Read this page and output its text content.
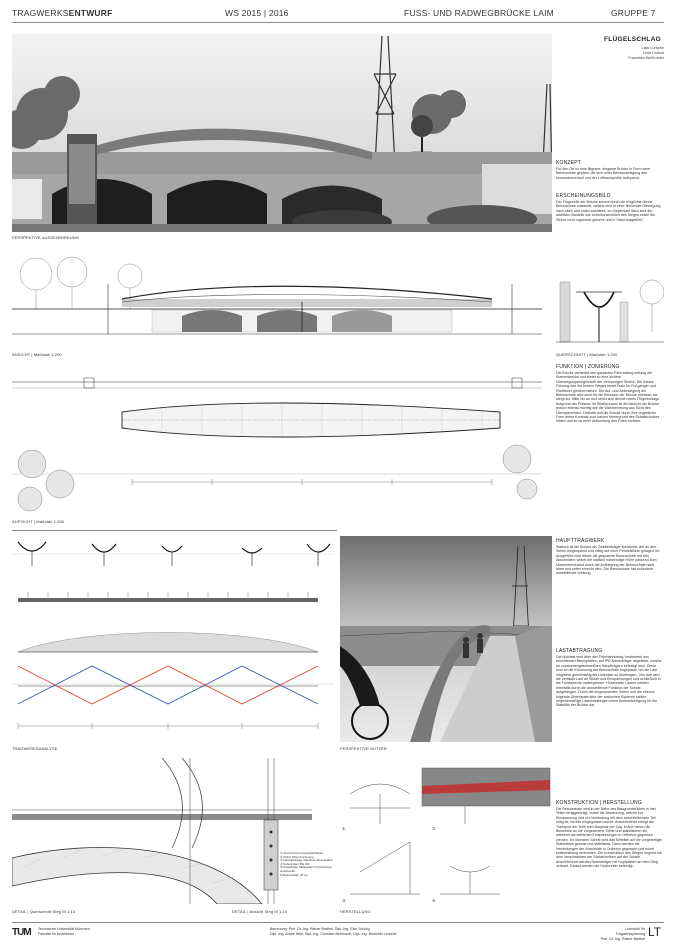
TRAGWERKSENTWURF	WS 2015 | 2016	FUSS- UND RADWEGBRÜCKE LAIM	GRUPPE 7
PERSPEKTIVE AUSSENWIRKUNG
FLÜGELSCHLAG
Lilian Lesprie
Leila Unland
Franziska Weißmeier
KONZEPT
Für den Ort ist eine filigrane, elegante Brücke in Form einer Betonschale geplant, die sich unter Berücksichtigung des Momentenverlauf und der Luftraumprofile aufspannt.
ERSCHEINUNGSBILD
Der Flügelrolle der Brücke kommt durch die möglichst dünne Betonschale zustande, welche sich in einer fließenden Bewegung nach oben und unten ausdehnt. Im Gegensatz dazu sind die additiven Bauteile wie Unterkonstruktion des Steges sowie die Stütze nicht organisch geformt und in Stahl ausgeführt.
ANSICHT | Maßstab 1:200	QUERSCHNITT | Maßstab 1:200
FUNKTION | ZONIERUNG
Die Brücke verbindet den geplanten Fahrradweg entlang der Stammstrecke und bietet so eine sichere Überwegungsmöglichkeit der vierspurigen Straße. Die lineare Führung des 3m breiten Weges bietet Platz für Fußgänger und Radfahrer gleichermaßen. Die Auf- und Abbewegung der Betonschale wird auch für die Benutzer der Brücke erlebbar, sie steigt zur Mitte hin an und senkt sich ähnlich eines Flügelschlags. Aufgrund der Präsenz im Straßenraum ist die Ansicht der Brücke jedoch ebenso wichtig wie die Wahrnehmung aus Sicht des Überquerenden. Deshalb soll die Brücke durch ihre organische Form einen Kontrast zum kahlen Hintergrund des Schallschutzes bilden und so zu einer Aufwertung des Ortes erzielen.
AUFSICHT | Maßstab 1:200
TRAGWERKSANALYSE	PERSPEKTIVE NUTZER
HAUPTTRAGWERK
Statisch ist die Brücke als Zweifeldträger konzipiert, der an den Seiten eingespannt und mittig auf einer Pendelstütze gelagert ist. Ausgeführt wird dieser als gespannte Betonschale mit drei Abschnitten, wobei die statisch notwendige Höhe passend zum Momentenverlauf durch die Aufbiegung der Betonschale nach oben und unten erreicht wird. Die Betonschale hat außerdem aussteifende Wirkung.
LASTABTRAGUNG
Die Nutzlast wird über den Fahrbahnbelag, bestehend aus rutschfesten Betonplatten, auf IPE-Nebenträger abgeleitet, welche an zusammengeschweißten Hauptträgern befestigt sind. Diese sind an die Krümmung der Betonschale angepasst, um die Last möglichst gleichmäßig als Linienlast zu übertragen. Von dort wird die vertikale Last an Stütze und Einspannungen und schließlich in die Fundamente weitergeleitet. Horizontale Lasten werden ebenfalls durch die aussteifende Funktion der Schale aufgefangen. Durch die eingespannten Seiten und die ebenso folgende Überbaustruktur der statischen Systeme stellen ungleichmäßige Lasteinleitungen keine Beeinträchtigung für die Stabilität der Brücke dar.
① Absturzsicherung Edelstahlseile
② Stütze Absturzsicherung
③ Fahrbahnbelag rutschfeste Betonplatten
④ Nebenträger IPE 200
⑤ Hauptträger Stahlplatten mit Flanschen verschweißt
⑥ Betonschale, 25 cm
DETAIL | Querschnitt Steg M 1:10	DETAIL | Ansicht Steg M 1:10
①	②
③	④
HERSTELLUNG
KONSTRUKTION | HERSTELLUNG
Die Betonschale wird in der Nähe des Baugrundstückes in drei Teilen fertiggefertigt, wobei die Bewehrung, welche zur Einspannung und zur Verbindung mit dem anschließenden Teil nötig ist, bereits eingegossen wurde. Anschließend erfolgt der Transport der Teile zum Bauplatz per Zug. Kräne heben die Betonteile an die vorgesehene Stelle und stabilisieren sie, während die seitlichen Einspannungen in Ortbeton gegossen werden. Im nächsten Schritt wird das Mittelteil auf die vorgefertigte Stahlstütze gesetzt und stabilisiert. Dann werden die Verbindungen der Abschnitte in Ortbeton gegossen und somit kraftschlüssig verbunden. Die Konstruktion des Steges beginnt mit dem Verschrauben der Stahlscheiben auf der Schale. Anschließend werden Nebenträger mit Kopfplatten an dem Steg verbaut. Darauf werden die Holzbretter befestigt.
TUM Technische Universität München
Fakultät für Architektur
Betreuung: Prof. Dr.-Ing. Rainer Barthel, Dipl.-Ing. Elke Schörg
Dipl.-Ing. André Hitle, Dipl.-Ing. Christian Bernhardt, Dipl.-Ing. Benedikt Lechner
Lehrstuhl für Tragwerksplanung
Prof. Dr.-Ing. Rainer Barthel LT
